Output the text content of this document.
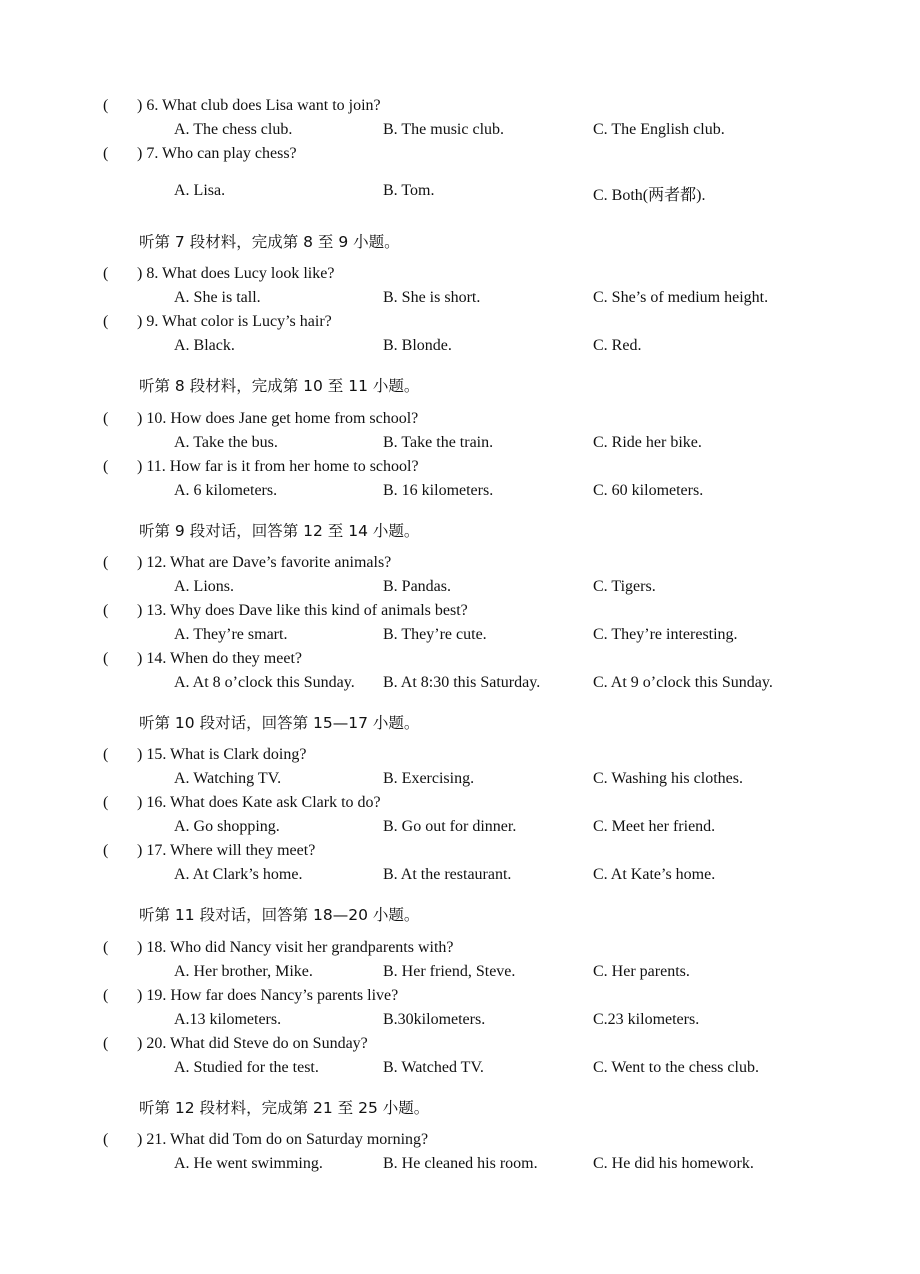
( ) 6. What club does Lisa want to join?
A. The chess club.	B. The music club.	C. The English club.
( ) 7. Who can play chess?
A. Lisa.	B. Tom.	C. Both(两者都).
听第 7 段材料，完成第 8 至 9 小题。
( ) 8. What does Lucy look like?
A. She is tall.	B. She is short.	C. She’s of medium height.
( ) 9. What color is Lucy’s hair?
A. Black.	B. Blonde.	C. Red.
听第 8 段材料，完成第 10 至 11 小题。
( ) 10. How does Jane get home from school?
A. Take the bus.	B. Take the train.	C. Ride her bike.
( ) 11. How far is it from her home to school?
A. 6 kilometers.	B. 16 kilometers.	C. 60 kilometers.
听第 9 段对话，回答第 12 至 14 小题。
( ) 12. What are Dave’s favorite animals?
A. Lions.	B. Pandas.	C. Tigers.
( ) 13. Why does Dave like this kind of animals best?
A. They’re smart.	B. They’re cute.	C. They’re interesting.
( ) 14. When do they meet?
A. At 8 o’clock this Sunday. B. At 8:30 this Saturday.	C. At 9 o’clock this Sunday.
听第 10 段对话，回答第 15—17 小题。
( ) 15. What is Clark doing?
A. Watching TV.	B. Exercising.	C. Washing his clothes.
( ) 16. What does Kate ask Clark to do?
A. Go shopping.	B. Go out for dinner.	C. Meet her friend.
( ) 17. Where will they meet?
A. At Clark’s home.	B. At the restaurant.	C. At Kate’s home.
听第 11 段对话，回答第 18—20 小题。
( ) 18. Who did Nancy visit her grandparents with?
A. Her brother, Mike.	B. Her friend, Steve.	C. Her parents.
( ) 19. How far does Nancy’s parents live?
A.13 kilometers.	B.30kilometers.	C.23 kilometers.
( ) 20. What did Steve do on Sunday?
A. Studied for the test.	B. Watched TV.	C. Went to the chess club.
听第 12 段材料，完成第 21 至 25 小题。
( ) 21. What did Tom do on Saturday morning?
A. He went swimming.	B. He cleaned his room.	C. He did his homework.
